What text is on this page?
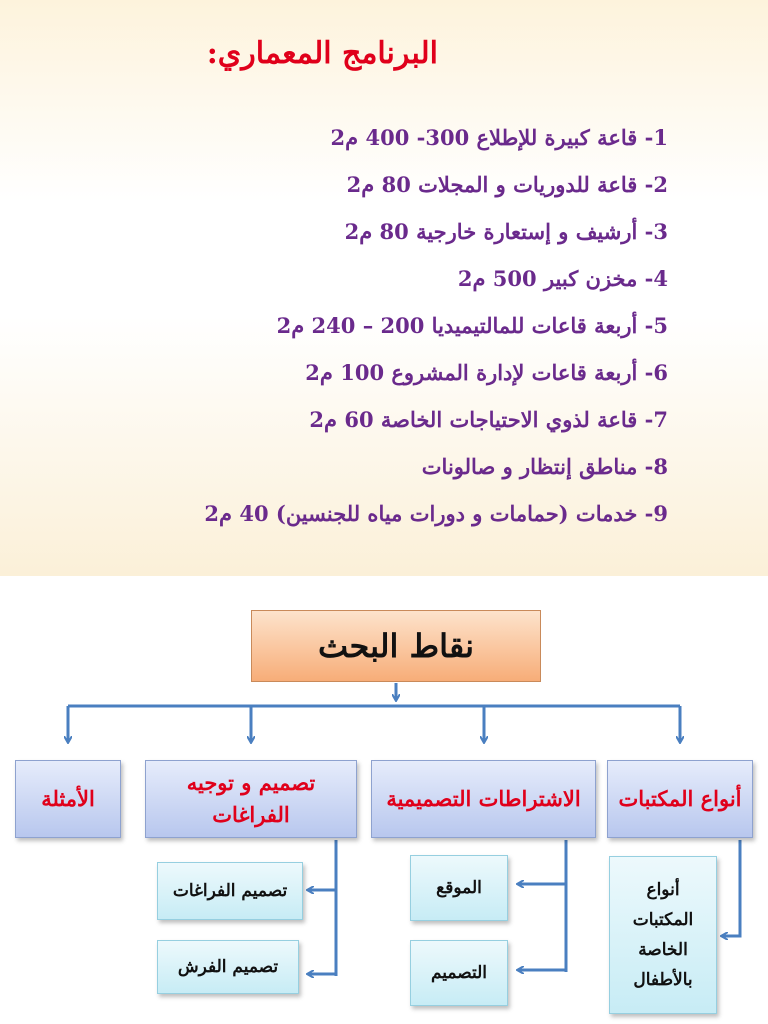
البرنامج المعماري:
1- قاعة كبيرة للإطلاع 300- 400 م2
2- قاعة للدوريات و المجلات 80 م2
3- أرشيف و إستعارة خارجية 80 م2
4- مخزن كبير 500 م2
5- أربعة قاعات للمالتيميديا 200 – 240 م2
6- أربعة قاعات لإدارة المشروع 100 م2
7- قاعة لذوي الاحتياجات الخاصة 60 م2
8- مناطق إنتظار و صالونات
9- خدمات (حمامات و دورات مياه للجنسين) 40 م2
نقاط البحث
الأمثلة
تصميم و توجيه الفراغات
الاشتراطات التصميمية	أنواع المكتبات
أنواع المكتبات الخاصة بالأطفال
الموقع
التصميم
تصميم الفراغات
تصميم الفرش
